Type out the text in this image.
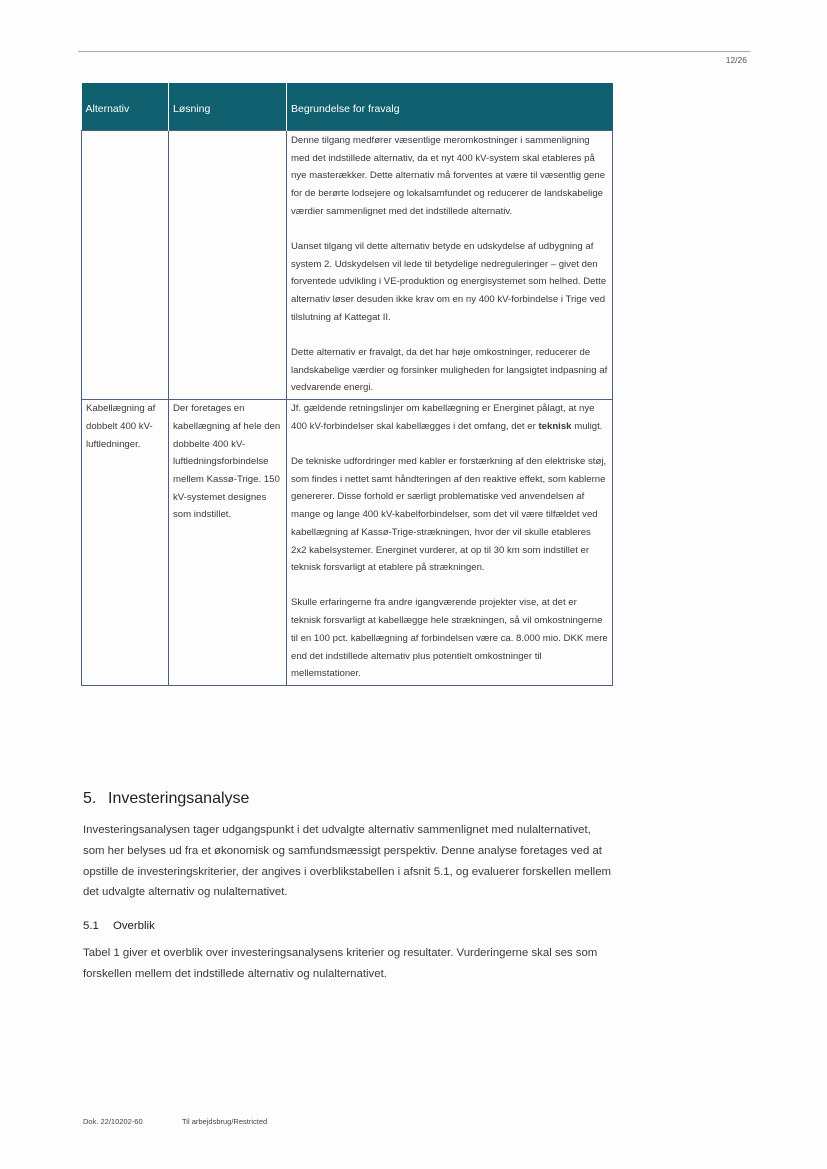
12/26
Alternativ	Løsning	Begrundelse for fravalg

		Denne tilgang medfører væsentlige meromkostninger i sammenligning med det indstillede alternativ, da et nyt 400 kV-system skal etableres på nye masterækker. Dette alternativ må forventes at være til væsentlig gene for de berørte lodsejere og lokalsamfundet og reducerer de landskabelige værdier sammenlignet med det indstillede alternativ.

Uanset tilgang vil dette alternativ betyde en udskydelse af udbygning af system 2. Udskydelsen vil lede til betydelige nedreguleringer – givet den forventede udvikling i VE-produktion og energisystemet som helhed. Dette alternativ løser desuden ikke krav om en ny 400 kV-forbindelse i Trige ved tilslutning af Kattegat II.

Dette alternativ er fravalgt, da det har høje omkostninger, reducerer de landskabelige værdier og forsinker muligheden for langsigtet indpasning af vedvarende energi.

Kabellægning af dobbelt 400 kV-luftledninger.	Der foretages en kabellægning af hele den dobbelte 400 kV-luftledningsforbindelse mellem Kassø-Trige. 150 kV-systemet designes som indstillet.	Jf. gældende retningslinjer om kabellægning er Energinet pålagt, at nye 400 kV-forbindelser skal kabellægges i det omfang, det er teknisk muligt.

De tekniske udfordringer med kabler er forstærkning af den elektriske støj, som findes i nettet samt håndteringen af den reaktive effekt, som kablerne genererer. Disse forhold er særligt problematiske ved anvendelsen af mange og lange 400 kV-kabelforbindelser, som det vil være tilfældet ved kabellægning af Kassø-Trige-strækningen, hvor der vil skulle etableres 2x2 kabelsystemer. Energinet vurderer, at op til 30 km som indstillet er teknisk forsvarligt at etablere på strækningen.

Skulle erfaringerne fra andre igangværende projekter vise, at det er teknisk forsvarligt at kabellægge hele strækningen, så vil omkostningerne til en 100 pct. kabellægning af forbindelsen være ca. 8.000 mio. DKK mere end det indstillede alternativ plus potentielt omkostninger til mellemstationer.

5. Investeringsanalyse

Investeringsanalysen tager udgangspunkt i det udvalgte alternativ sammenlignet med nulalternativet, som her belyses ud fra et økonomisk og samfundsmæssigt perspektiv. Denne analyse foretages ved at opstille de investeringskriterier, der angives i overblikstabellen i afsnit 5.1, og evaluerer forskellen mellem det udvalgte alternativ og nulalternativet.

5.1 Overblik

Tabel 1 giver et overblik over investeringsanalysens kriterier og resultater. Vurderingerne skal ses som forskellen mellem det indstillede alternativ og nulalternativet.

Dok. 22/10202-60	Til arbejdsbrug/Restricted
